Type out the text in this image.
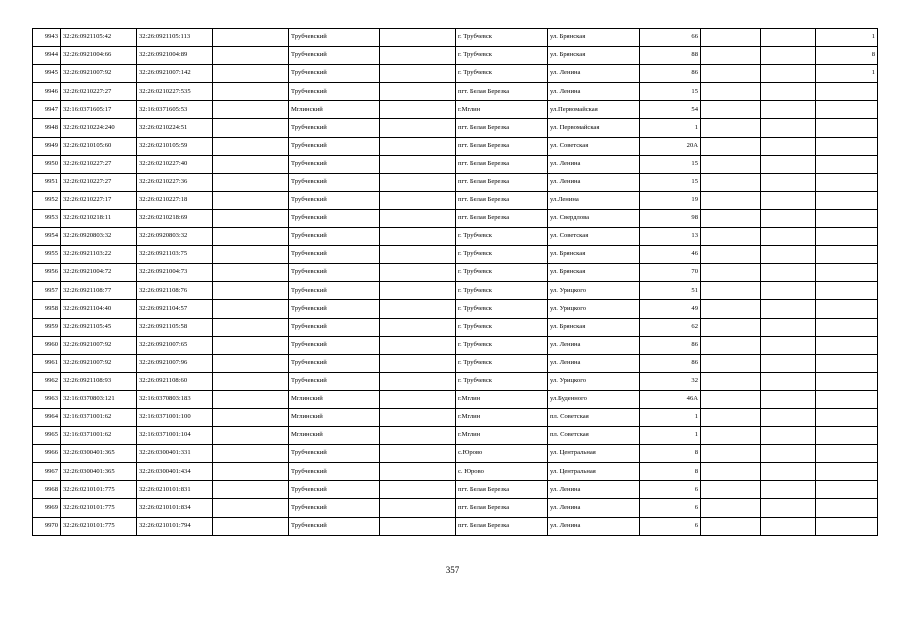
9943	32:26:0921105:42	32:26:0921105:113		Трубчевский		г. Трубчевск	ул. Брянская	66			1
9944	32:26:0921004:66	32:26:0921004:89		Трубчевский		г. Трубчевск	ул. Брянская	88			8
9945	32:26:0921007:92	32:26:0921007:142		Трубчевский		г. Трубчевск	ул. Ленина	86			1
9946	32:26:0210227:27	32:26:0210227:535		Трубчевский		пгт. Белая Березка	ул. Ленина	15			
9947	32:16:0371605:17	32:16:0371605:53		Мглинский		г.Мглин	ул.Первомайская	54			
9948	32:26:0210224:240	32:26:0210224:51		Трубчевский		пгт. Белая Березка	ул. Первомайская	1			
9949	32:26:0210105:60	32:26:0210105:59		Трубчевский		пгт. Белая Березка	ул. Советская	20А			
9950	32:26:0210227:27	32:26:0210227:40		Трубчевский		пгт. Белая Березка	ул. Ленина	15			
9951	32:26:0210227:27	32:26:0210227:36		Трубчевский		пгт. Белая Березка	ул. Ленина	15			
9952	32:26:0210227:17	32:26:0210227:18		Трубчевский		пгт. Белая Березка	ул.Ленина	19			
9953	32:26:0210218:11	32:26:0210218:69		Трубчевский		пгт. Белая Березка	ул. Свердлова	98			
9954	32:26:0920803:32	32:26:0920803:32		Трубчевский		г. Трубчевск	ул. Советская	13			
9955	32:26:0921103:22	32:26:0921103:75		Трубчевский		г. Трубчевск	ул. Брянская	46			
9956	32:26:0921004:72	32:26:0921004:73		Трубчевский		г. Трубчевск	ул. Брянская	70			
9957	32:26:0921108:77	32:26:0921108:76		Трубчевский		г. Трубчевск	ул. Урицкого	51			
9958	32:26:0921104:40	32:26:0921104:57		Трубчевский		г. Трубчевск	ул. Урицкого	49			
9959	32:26:0921105:45	32:26:0921105:58		Трубчевский		г. Трубчевск	ул. Брянская	62			
9960	32:26:0921007:92	32:26:0921007:65		Трубчевский		г. Трубчевск	ул. Ленина	86			
9961	32:26:0921007:92	32:26:0921007:96		Трубчевский		г. Трубчевск	ул. Ленина	86			
9962	32:26:0921108:93	32:26:0921108:60		Трубчевский		г. Трубчевск	ул. Урицкого	32			
9963	32:16:0370803:121	32:16:0370803:183		Мглинский		г.Мглин	ул.Буденного	46А			
9964	32:16:0371001:62	32:16:0371001:100		Мглинский		г.Мглин	пл. Советская	1			
9965	32:16:0371001:62	32:16:0371001:104		Мглинский		г.Мглин	пл. Советская	1			
9966	32:26:0300401:365	32:26:0300401:331		Трубчевский		с.Юрово	ул. Центральная	8			
9967	32:26:0300401:365	32:26:0300401:434		Трубчевский		с. Юрово	ул. Центральная	8			
9968	32:26:0210101:775	32:26:0210101:831		Трубчевский		пгт. Белая Березка	ул. Ленина	6			
9969	32:26:0210101:775	32:26:0210101:834		Трубчевский		пгт. Белая Березка	ул. Ленина	6			
9970	32:26:0210101:775	32:26:0210101:794		Трубчевский		пгт. Белая Березка	ул. Ленина	6			
357
